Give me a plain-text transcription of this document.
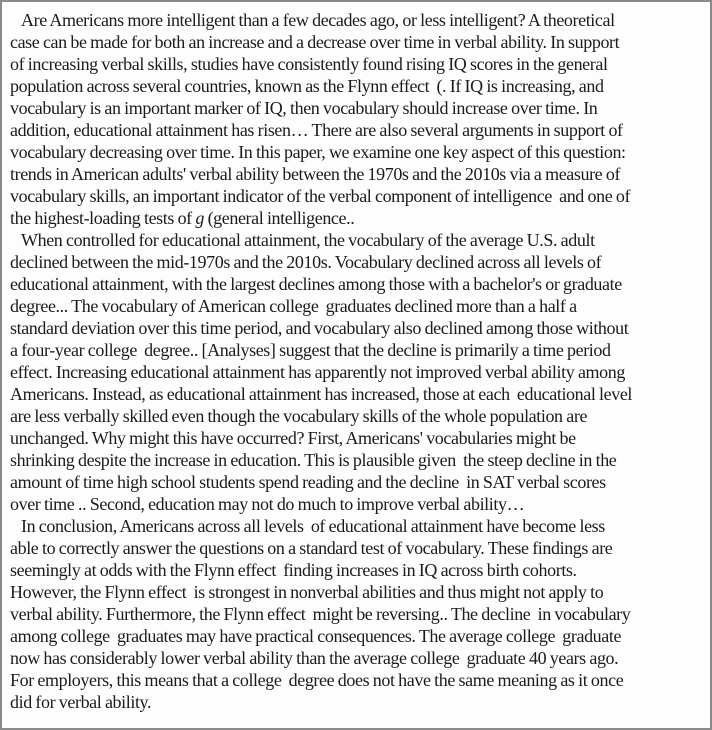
Are Americans more intelligent than a few decades ago, or less intelligent? A theoretical
case can be made for both an increase and a decrease over time in verbal ability. In support
of increasing verbal skills, studies have consistently found rising IQ scores in the general
population across several countries, known as the Flynn effect  (. If IQ is increasing, and
vocabulary is an important marker of IQ, then vocabulary should increase over time. In
addition, educational attainment has risen… There are also several arguments in support of
vocabulary decreasing over time. In this paper, we examine one key aspect of this question:
trends in American adults' verbal ability between the 1970s and the 2010s via a measure of
vocabulary skills, an important indicator of the verbal component of intelligence  and one of
the highest-loading tests of g (general intelligence..
When controlled for educational attainment, the vocabulary of the average U.S. adult
declined between the mid-1970s and the 2010s. Vocabulary declined across all levels of
educational attainment, with the largest declines among those with a bachelor's or graduate
degree... The vocabulary of American college  graduates declined more than a half a
standard deviation over this time period, and vocabulary also declined among those without
a four-year college  degree.. [Analyses] suggest that the decline is primarily a time period
effect. Increasing educational attainment has apparently not improved verbal ability among
Americans. Instead, as educational attainment has increased, those at each  educational level
are less verbally skilled even though the vocabulary skills of the whole population are
unchanged. Why might this have occurred? First, Americans' vocabularies might be
shrinking despite the increase in education. This is plausible given  the steep decline in the
amount of time high school students spend reading and the decline  in SAT verbal scores
over time .. Second, education may not do much to improve verbal ability…
In conclusion, Americans across all levels  of educational attainment have become less
able to correctly answer the questions on a standard test of vocabulary. These findings are
seemingly at odds with the Flynn effect  finding increases in IQ across birth cohorts.
However, the Flynn effect  is strongest in nonverbal abilities and thus might not apply to
verbal ability. Furthermore, the Flynn effect  might be reversing.. The decline  in vocabulary
among college  graduates may have practical consequences. The average college  graduate
now has considerably lower verbal ability than the average college  graduate 40 years ago.
For employers, this means that a college  degree does not have the same meaning as it once
did for verbal ability.
